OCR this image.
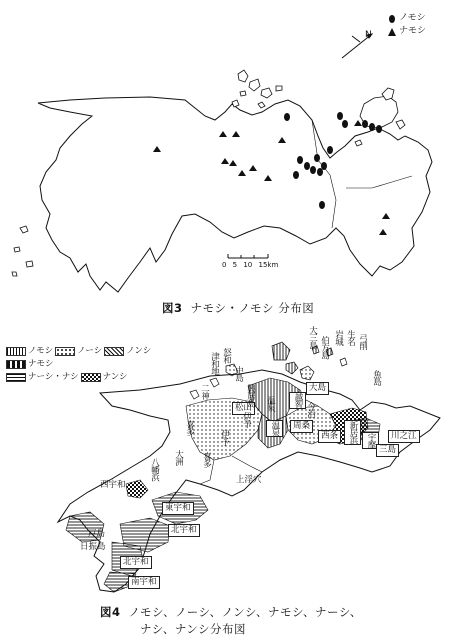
ノモシ
ナモシ
N
0 5 10 15km
図3 ナモシ・ノモシ 分布図
ノモシ	ノーシ	ノンシ
ナモシ
ナーシ・ナシ	ナンシ
大三島 伯方島 岩城 生名 弓削
魚島
大島
越智
今治
周桑
西条	新居浜 宇摩	川之江
三島
温泉
松山
温泉
伊予
伊予
喜多
喜多
大洲
上浮穴
西宇和
八幡浜
東宇和
北宇和
北宇和
南宇和
戸島
日振島
津和地
二神
怒和
中島
興居島
図4 ノモシ、ノーシ、ノンシ、ナモシ、ナーシ、
ナシ、ナンシ分布図
